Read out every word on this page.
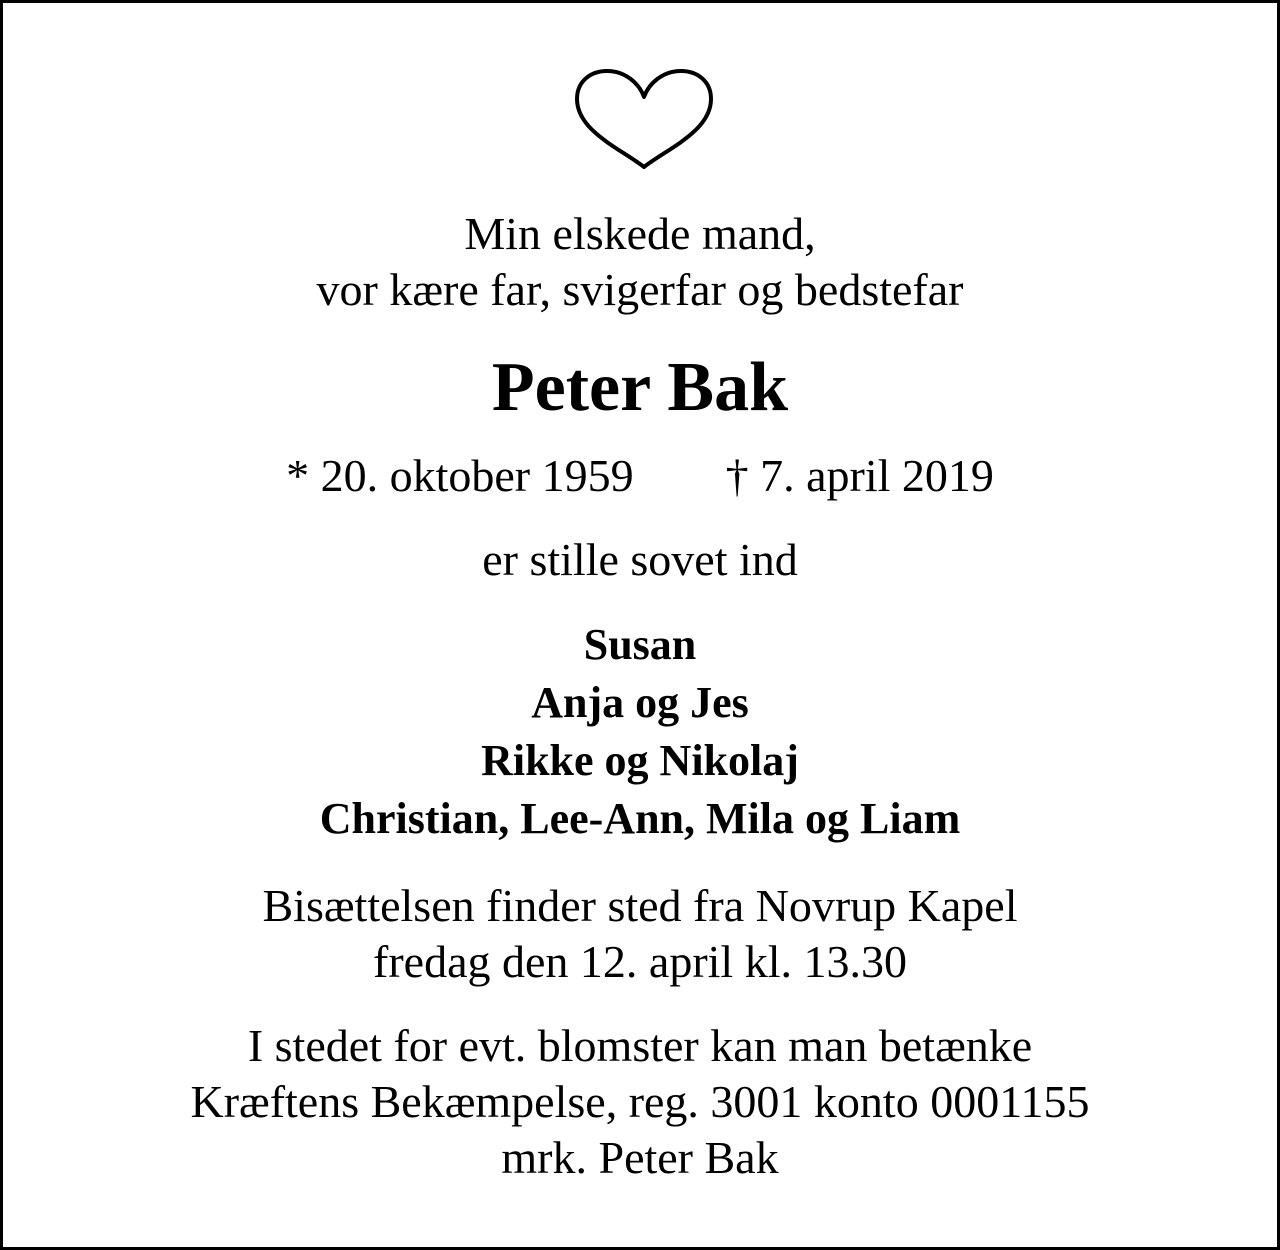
Min elskede mand,
vor kære far, svigerfar og bedstefar
Peter Bak
* 20. oktober 1959 † 7. april 2019
er stille sovet ind
Susan
Anja og Jes
Rikke og Nikolaj
Christian, Lee-Ann, Mila og Liam
Bisættelsen finder sted fra Novrup Kapel
fredag den 12. april kl. 13.30
I stedet for evt. blomster kan man betænke
Kræftens Bekæmpelse, reg. 3001 konto 0001155
mrk. Peter Bak
